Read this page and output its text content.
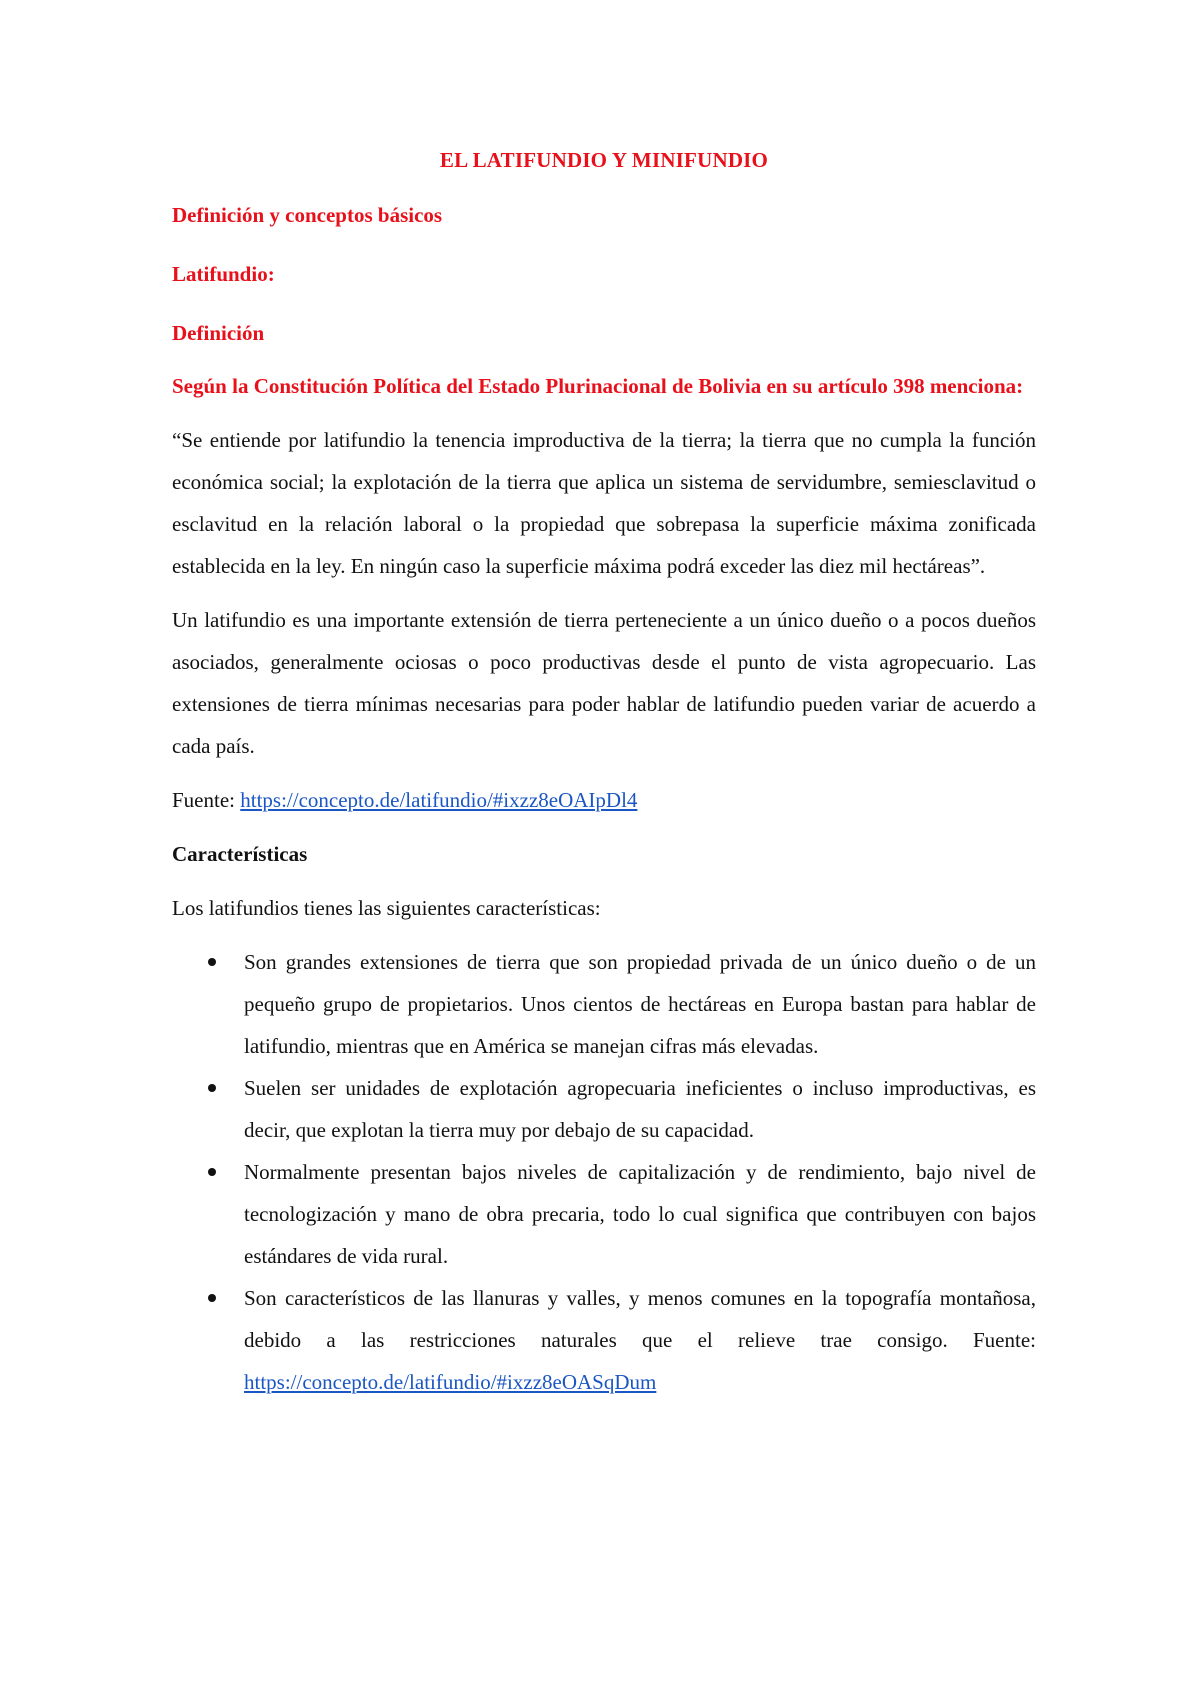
EL LATIFUNDIO Y MINIFUNDIO
Definición y conceptos básicos
Latifundio:
Definición

Según la Constitución Política del Estado Plurinacional de Bolivia en su artículo 398 menciona:

“Se entiende por latifundio la tenencia improductiva de la tierra; la tierra que no cumpla la función económica social; la explotación de la tierra que aplica un sistema de servidumbre, semiesclavitud o esclavitud en la relación laboral o la propiedad que sobrepasa la superficie máxima zonificada establecida en la ley. En ningún caso la superficie máxima podrá exceder las diez mil hectáreas”.

Un latifundio es una importante extensión de tierra perteneciente a un único dueño o a pocos dueños asociados, generalmente ociosas o poco productivas desde el punto de vista agropecuario. Las extensiones de tierra mínimas necesarias para poder hablar de latifundio pueden variar de acuerdo a cada país.

Fuente: https://concepto.de/latifundio/#ixzz8eOAIpDl4

Características

Los latifundios tienes las siguientes características:

Son grandes extensiones de tierra que son propiedad privada de un único dueño o de un pequeño grupo de propietarios. Unos cientos de hectáreas en Europa bastan para hablar de latifundio, mientras que en América se manejan cifras más elevadas.
Suelen ser unidades de explotación agropecuaria ineficientes o incluso improductivas, es decir, que explotan la tierra muy por debajo de su capacidad.
Normalmente presentan bajos niveles de capitalización y de rendimiento, bajo nivel de tecnologización y mano de obra precaria, todo lo cual significa que contribuyen con bajos estándares de vida rural.
Son característicos de las llanuras y valles, y menos comunes en la topografía montañosa, debido a las restricciones naturales que el relieve trae consigo. Fuente: https://concepto.de/latifundio/#ixzz8eOASqDum
